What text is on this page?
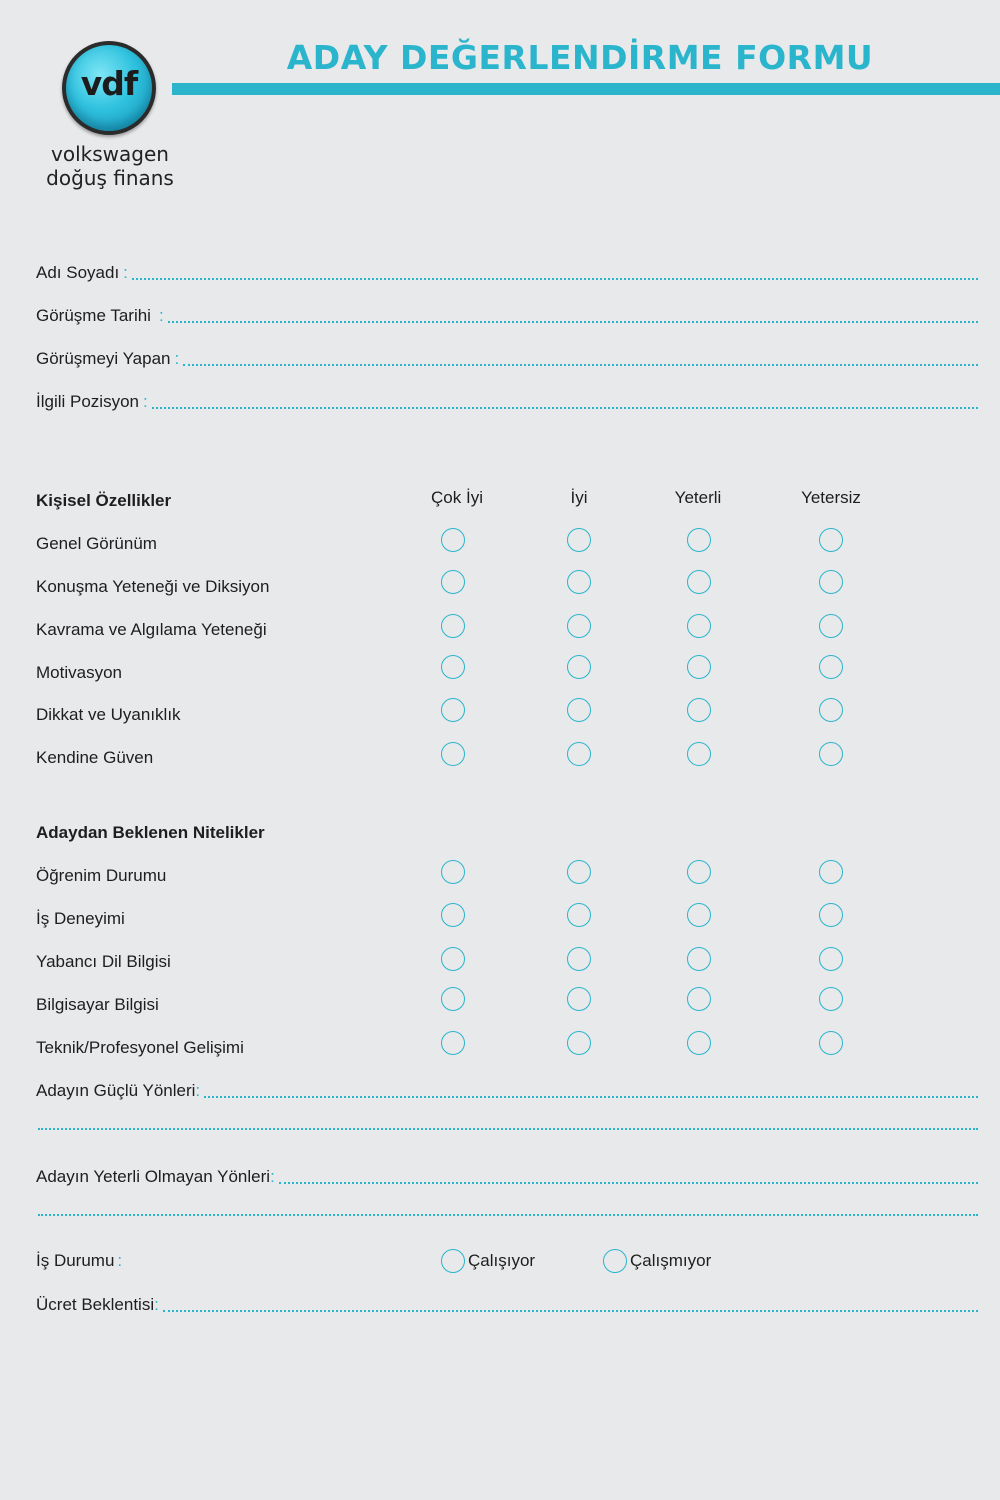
vdf
volkswagen
doğuş finans
ADAY DEĞERLENDİRME FORMU
Adı Soyadı :
Görüşme Tarihi :
Görüşmeyi Yapan :
İlgili Pozisyon :
Kişisel Özellikler	Çok İyi	İyi	Yeterli	Yetersiz
Genel Görünüm
Konuşma Yeteneği ve Diksiyon
Kavrama ve Algılama Yeteneği
Motivasyon
Dikkat ve Uyanıklık
Kendine Güven
Adaydan Beklenen Nitelikler
Öğrenim Durumu
İş Deneyimi
Yabancı Dil Bilgisi
Bilgisayar Bilgisi
Teknik/Profesyonel Gelişimi
Adayın Güçlü Yönleri :
Adayın Yeterli Olmayan Yönleri :
İş Durumu :	Çalışıyor	Çalışmıyor
Ücret Beklentisi :
